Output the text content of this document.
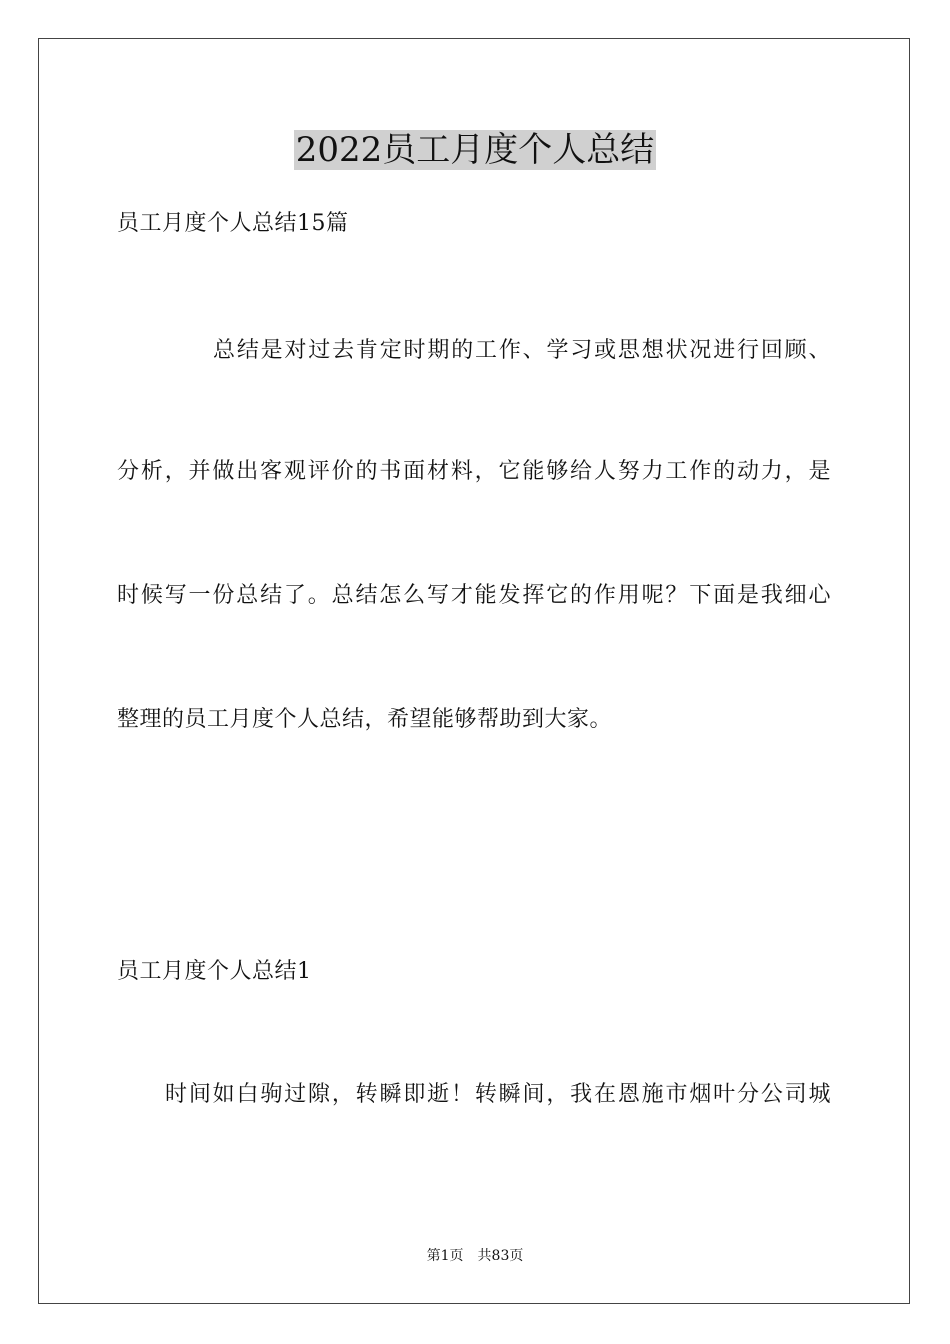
2022员工月度个人总结
员工月度个人总结15篇
总结是对过去肯定时期的工作、学习或思想状况进行回顾、
分析，并做出客观评价的书面材料，它能够给人努力工作的动力，是
时候写一份总结了。总结怎么写才能发挥它的作用呢？下面是我细心
整理的员工月度个人总结，希望能够帮助到大家。
员工月度个人总结1
时间如白驹过隙，转瞬即逝！转瞬间，我在恩施市烟叶分公司城
第1页 共83页
